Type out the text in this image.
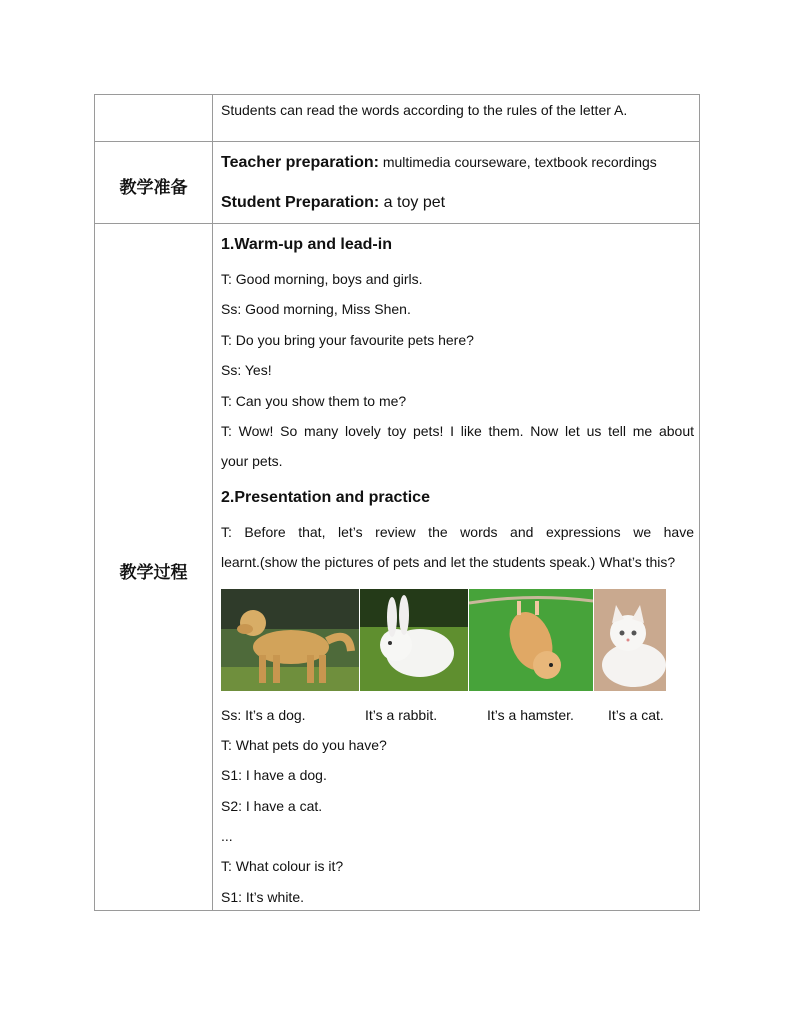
Students can read the words according to the rules of the letter A.
教学准备
Teacher preparation: multimedia courseware, textbook recordings
Student Preparation: a toy pet
教学过程
1.Warm-up and lead-in
T: Good morning, boys and girls.
Ss: Good morning, Miss Shen.
T: Do you bring your favourite pets here?
Ss: Yes!
T: Can you show them to me?
T: Wow! So many lovely toy pets! I like them. Now let us tell me about
your pets.
2.Presentation and practice
T: Before that, let’s review the words and expressions we have
learnt.(show the pictures of pets and let the students speak.) What’s this?
Ss: It’s a dog.	It’s a rabbit.	It’s a hamster. It’s a cat.
T: What pets do you have?
S1: I have a dog.
S2: I have a cat.
...
T: What colour is it?
S1: It’s white.
